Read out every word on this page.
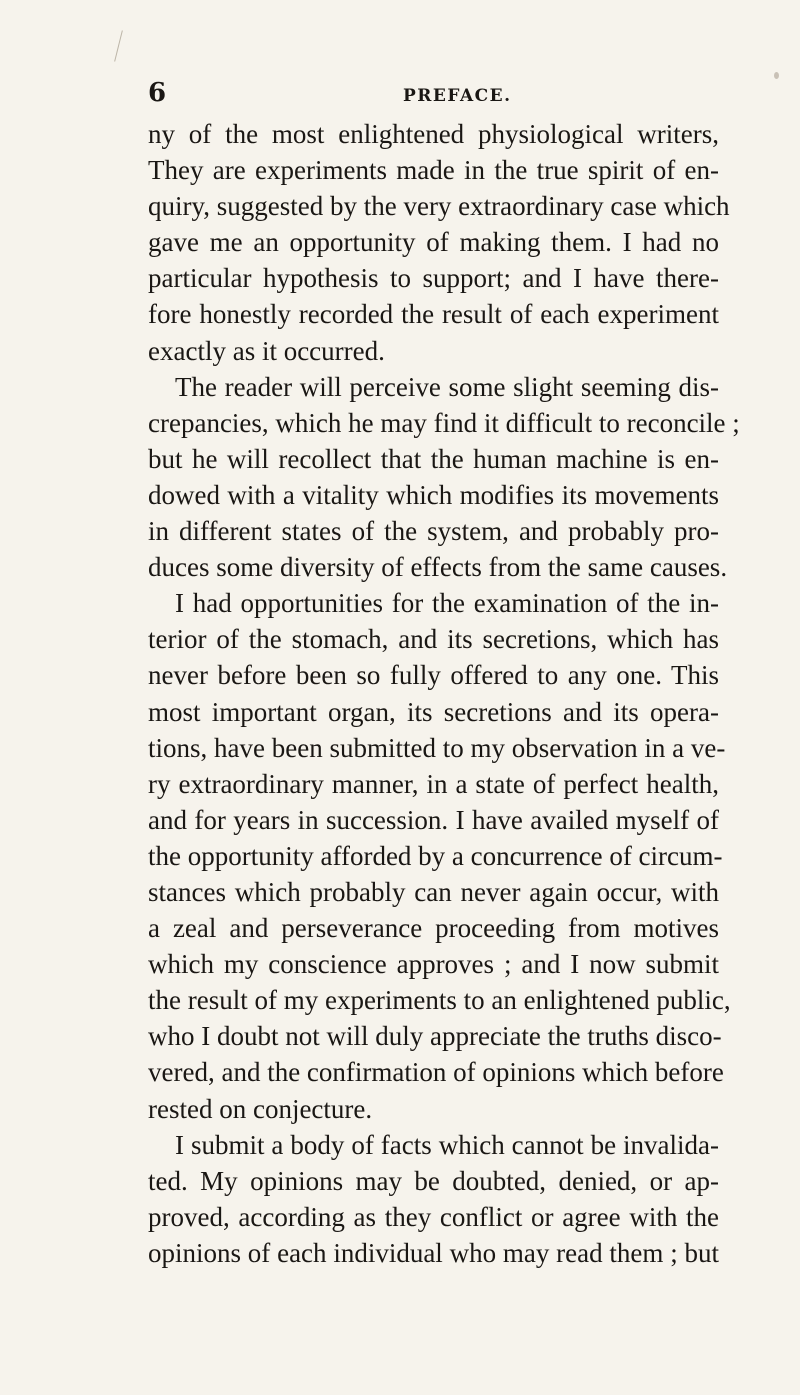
6	PREFACE.
ny of the most enlightened physiological writers,
They are experiments made in the true spirit of en-
quiry, suggested by the very extraordinary case which
gave me an opportunity of making them. I had no
particular hypothesis to support; and I have there-
fore honestly recorded the result of each experiment
exactly as it occurred.
The reader will perceive some slight seeming dis-
crepancies, which he may find it difficult to reconcile ;
but he will recollect that the human machine is en-
dowed with a vitality which modifies its movements
in different states of the system, and probably pro-
duces some diversity of effects from the same causes.
I had opportunities for the examination of the in-
terior of the stomach, and its secretions, which has
never before been so fully offered to any one. This
most important organ, its secretions and its opera-
tions, have been submitted to my observation in a ve-
ry extraordinary manner, in a state of perfect health,
and for years in succession. I have availed myself of
the opportunity afforded by a concurrence of circum-
stances which probably can never again occur, with
a zeal and perseverance proceeding from motives
which my conscience approves ; and I now submit
the result of my experiments to an enlightened public,
who I doubt not will duly appreciate the truths disco-
vered, and the confirmation of opinions which before
rested on conjecture.
I submit a body of facts which cannot be invalida-
ted. My opinions may be doubted, denied, or ap-
proved, according as they conflict or agree with the
opinions of each individual who may read them ; but
